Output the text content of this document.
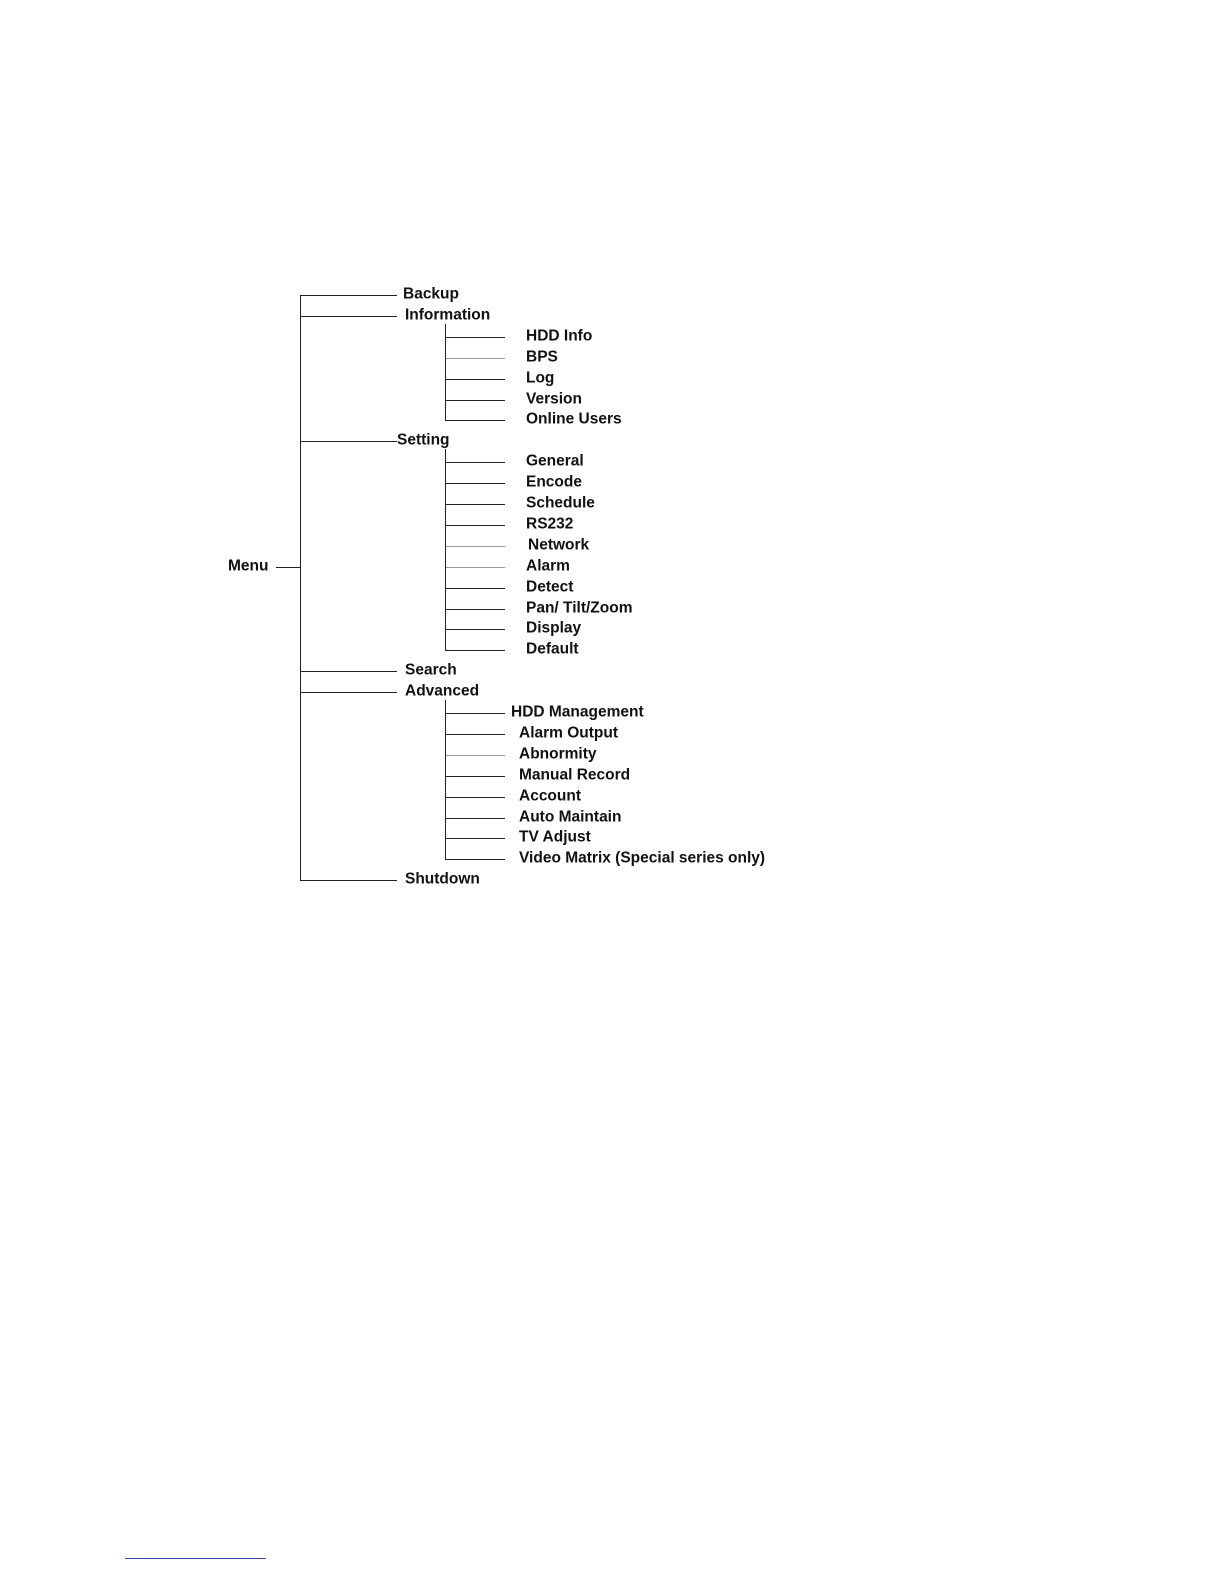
Menu
Backup
Information
HDD Info
BPS
Log
Version
Online Users
Setting
General
Encode
Schedule
RS232
Network
Alarm
Detect
Pan/ Tilt/Zoom
Display
Default
Search
Advanced
HDD Management
Alarm Output
Abnormity
Manual Record
Account
Auto Maintain
TV Adjust
Video Matrix (Special series only)
Shutdown
